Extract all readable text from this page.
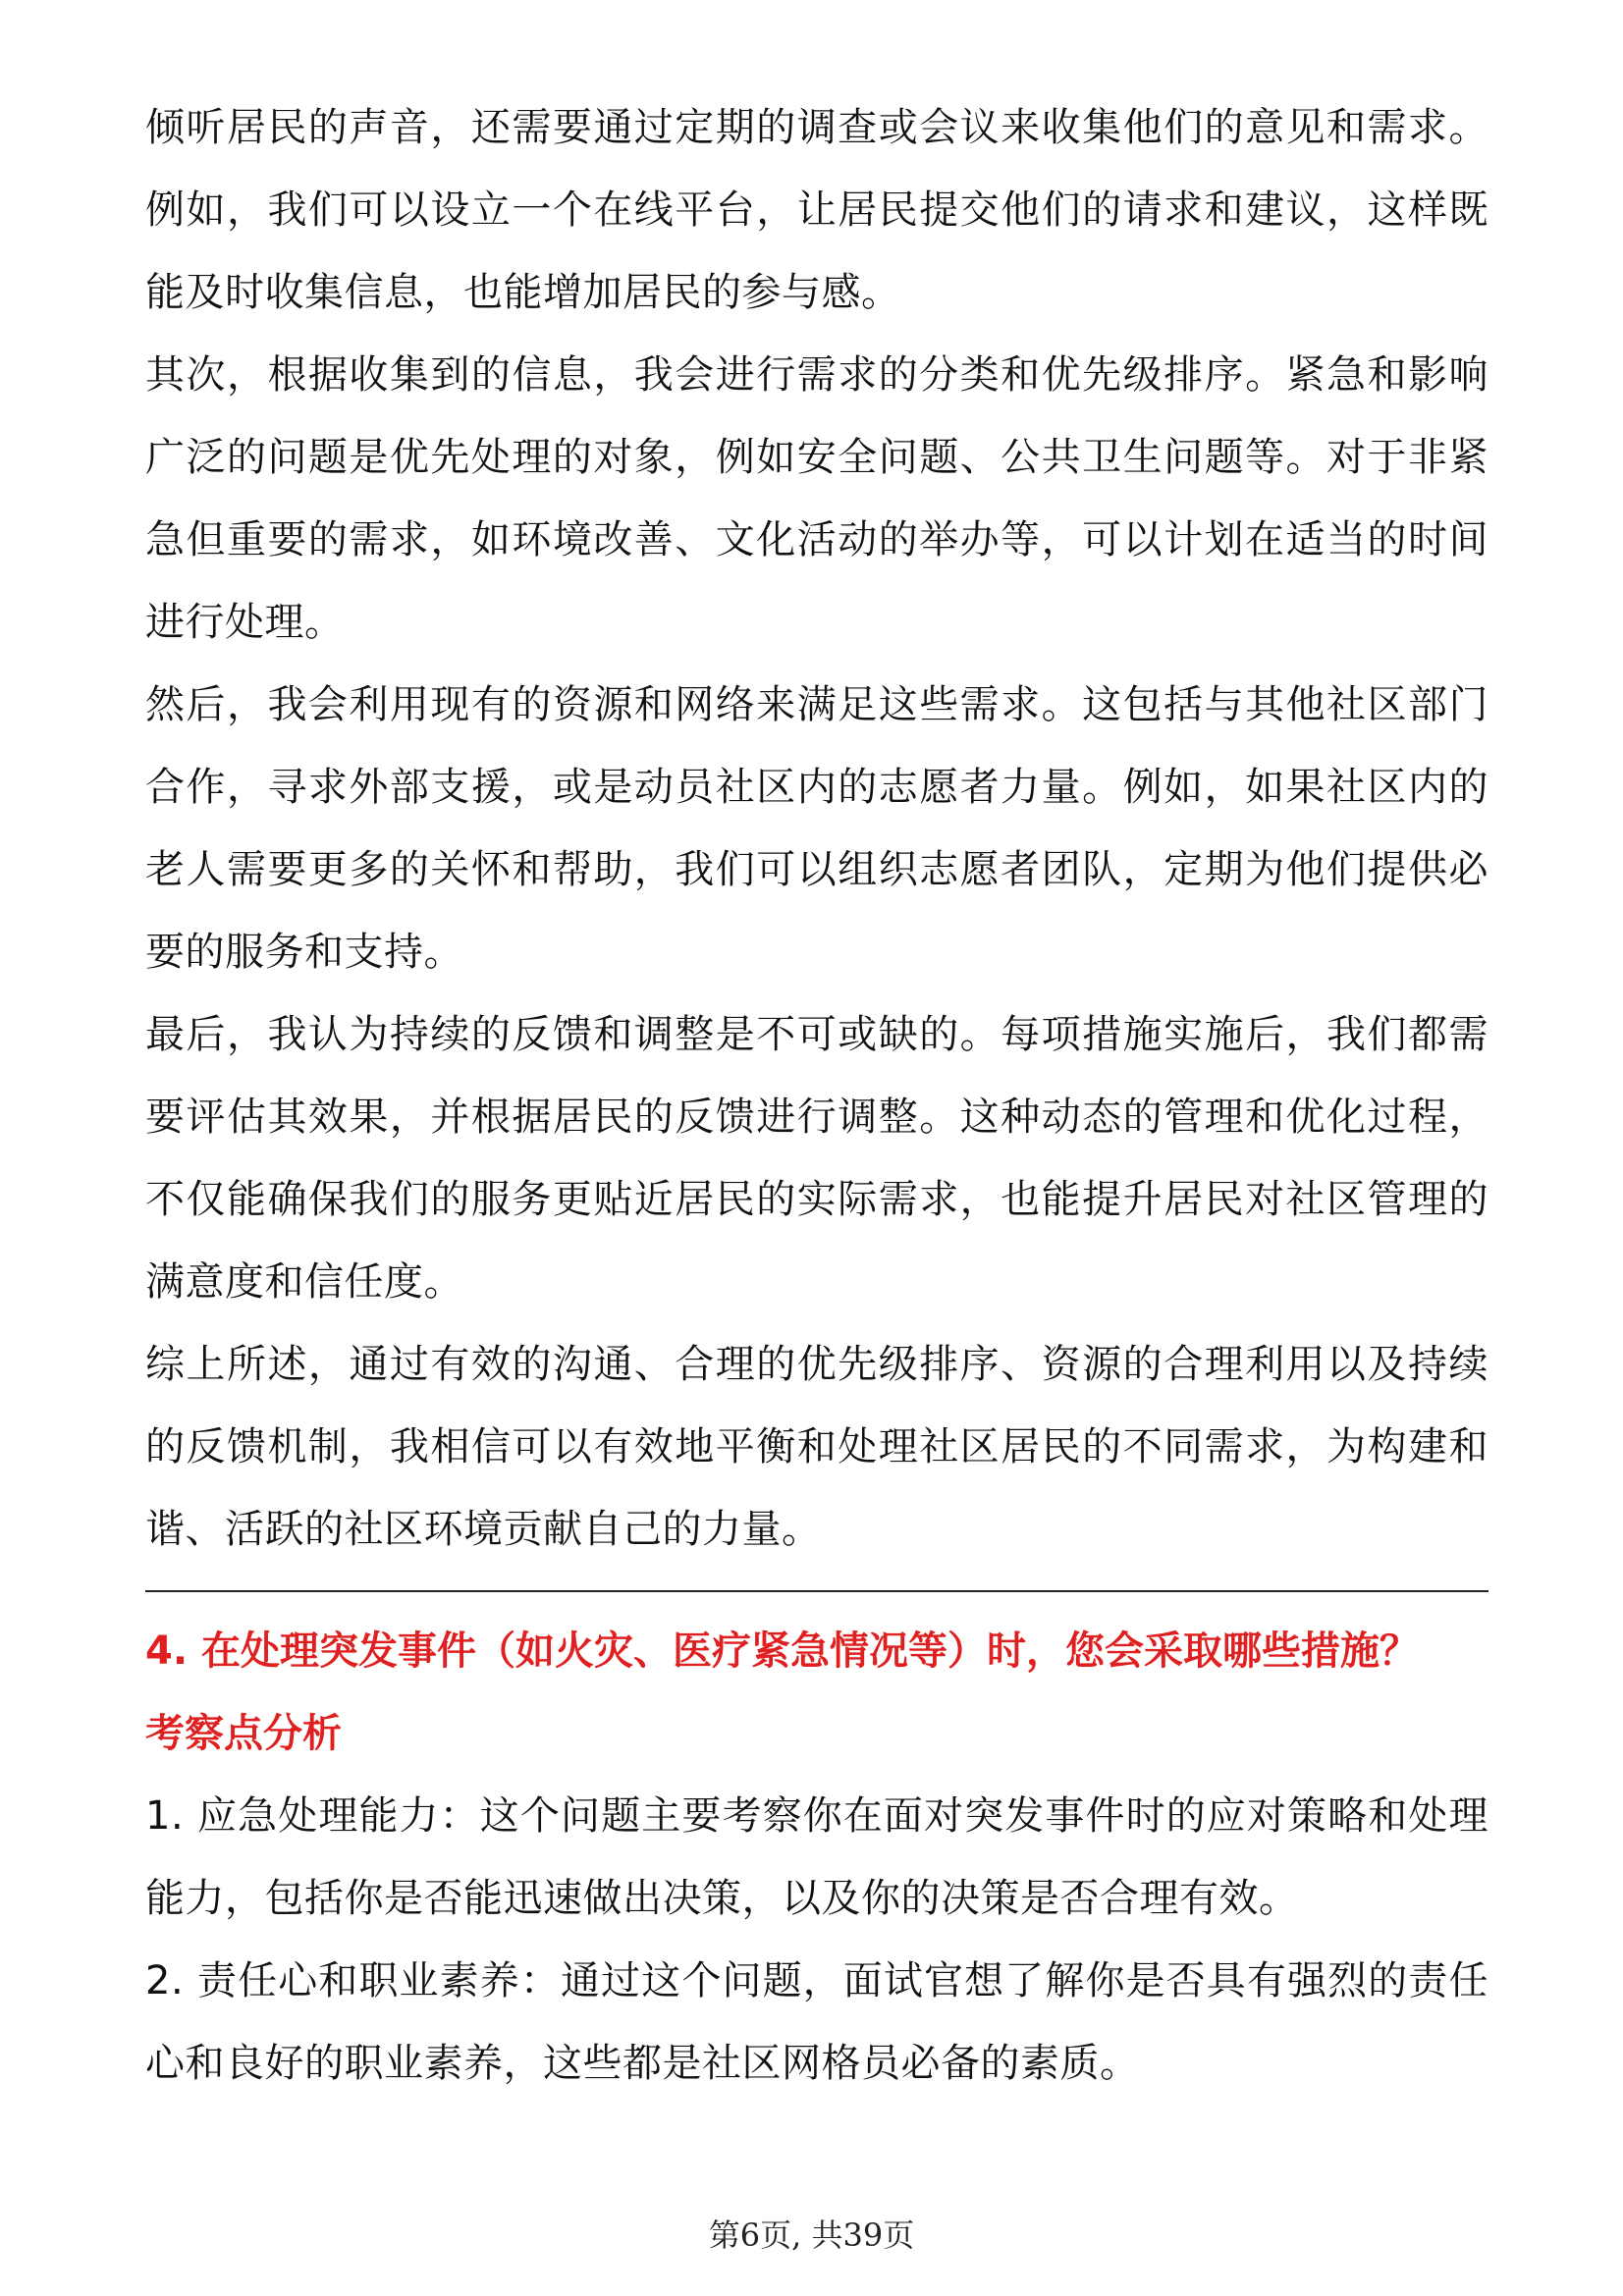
倾听居民的声音，还需要通过定期的调查或会议来收集他们的意见和需求。例如，我们可以设立一个在线平台，让居民提交他们的请求和建议，这样既能及时收集信息，也能增加居民的参与感。

其次，根据收集到的信息，我会进行需求的分类和优先级排序。紧急和影响广泛的问题是优先处理的对象，例如安全问题、公共卫生问题等。对于非紧急但重要的需求，如环境改善、文化活动的举办等，可以计划在适当的时间进行处理。

然后，我会利用现有的资源和网络来满足这些需求。这包括与其他社区部门合作，寻求外部支援，或是动员社区内的志愿者力量。例如，如果社区内的老人需要更多的关怀和帮助，我们可以组织志愿者团队，定期为他们提供必要的服务和支持。

最后，我认为持续的反馈和调整是不可或缺的。每项措施实施后，我们都需要评估其效果，并根据居民的反馈进行调整。这种动态的管理和优化过程，不仅能确保我们的服务更贴近居民的实际需求，也能提升居民对社区管理的满意度和信任度。

综上所述，通过有效的沟通、合理的优先级排序、资源的合理利用以及持续的反馈机制，我相信可以有效地平衡和处理社区居民的不同需求，为构建和谐、活跃的社区环境贡献自己的力量。

4. 在处理突发事件（如火灾、医疗紧急情况等）时，您会采取哪些措施？

考察点分析

1. 应急处理能力：这个问题主要考察你在面对突发事件时的应对策略和处理能力，包括你是否能迅速做出决策，以及你的决策是否合理有效。

2. 责任心和职业素养：通过这个问题，面试官想了解你是否具有强烈的责任心和良好的职业素养，这些都是社区网格员必备的素质。

第6页, 共39页
